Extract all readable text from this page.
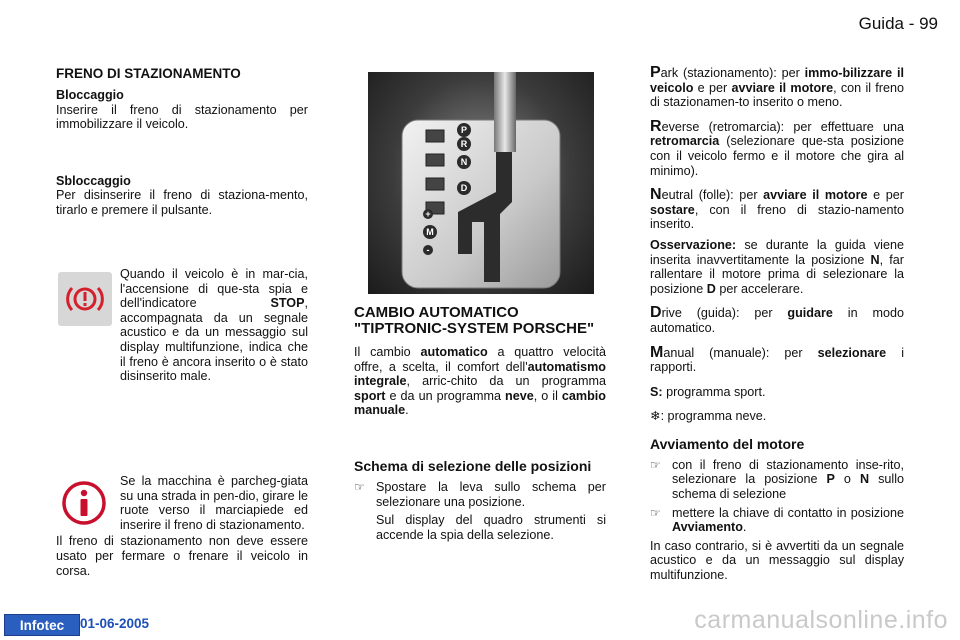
Guida - 99
FRENO DI STAZIONAMENTO

Bloccaggio

Inserire il freno di stazionamento per immobilizzare il veicolo.

Sbloccaggio

Per disinserire il freno di staziona-mento, tirarlo e premere il pulsante.

Quando il veicolo è in mar-cia, l'accensione di que-sta spia e dell'indicatore STOP, accompagnata da un segnale acustico e da un messaggio sul display multifunzione, indica che il freno è ancora inserito o è stato disinserito male.

Se la macchina è parcheg-giata su una strada in pen-dio, girare le ruote verso il marciapiede ed inserire il freno di stazionamento.

Il freno di stazionamento non deve essere usato per fermare o frenare il veicolo in corsa.

P
R
N
D
M
+
-
CAMBIO AUTOMATICO "TIPTRONIC-SYSTEM PORSCHE"

Il cambio automatico a quattro velocità offre, a scelta, il comfort dell'automatismo integrale, arric-chito da un programma sport e da un programma neve, o il cambio manuale.

Schema di selezione delle posizioni
☞ Spostare la leva sullo schema per selezionare una posizione.

Sul display del quadro strumenti si accende la spia della selezione.

Park (stazionamento): per immo-bilizzare il veicolo e per avviare il motore, con il freno di stazionamen-to inserito o meno.

Reverse (retromarcia): per effettuare una retromarcia (selezionare que-sta posizione con il veicolo fermo e il motore che gira al minimo).

Neutral (folle): per avviare il motore e per sostare, con il freno di stazio-namento inserito.

Osservazione: se durante la guida viene inserita inavvertitamente la posizione N, far rallentare il motore prima di selezionare la posizione D per accelerare.

Drive (guida): per guidare in modo automatico.

Manual (manuale): per selezionare i rapporti.

S: programma sport.

❄: programma neve.

Avviamento del motore
☞ con il freno di stazionamento inse-rito, selezionare la posizione P o N sullo schema di selezione

☞ mettere la chiave di contatto in posizione Avviamento.

In caso contrario, si è avvertiti da un segnale acustico e da un messaggio sul display multifunzione.

Infotec	01-06-2005	carmanualsonline.info
